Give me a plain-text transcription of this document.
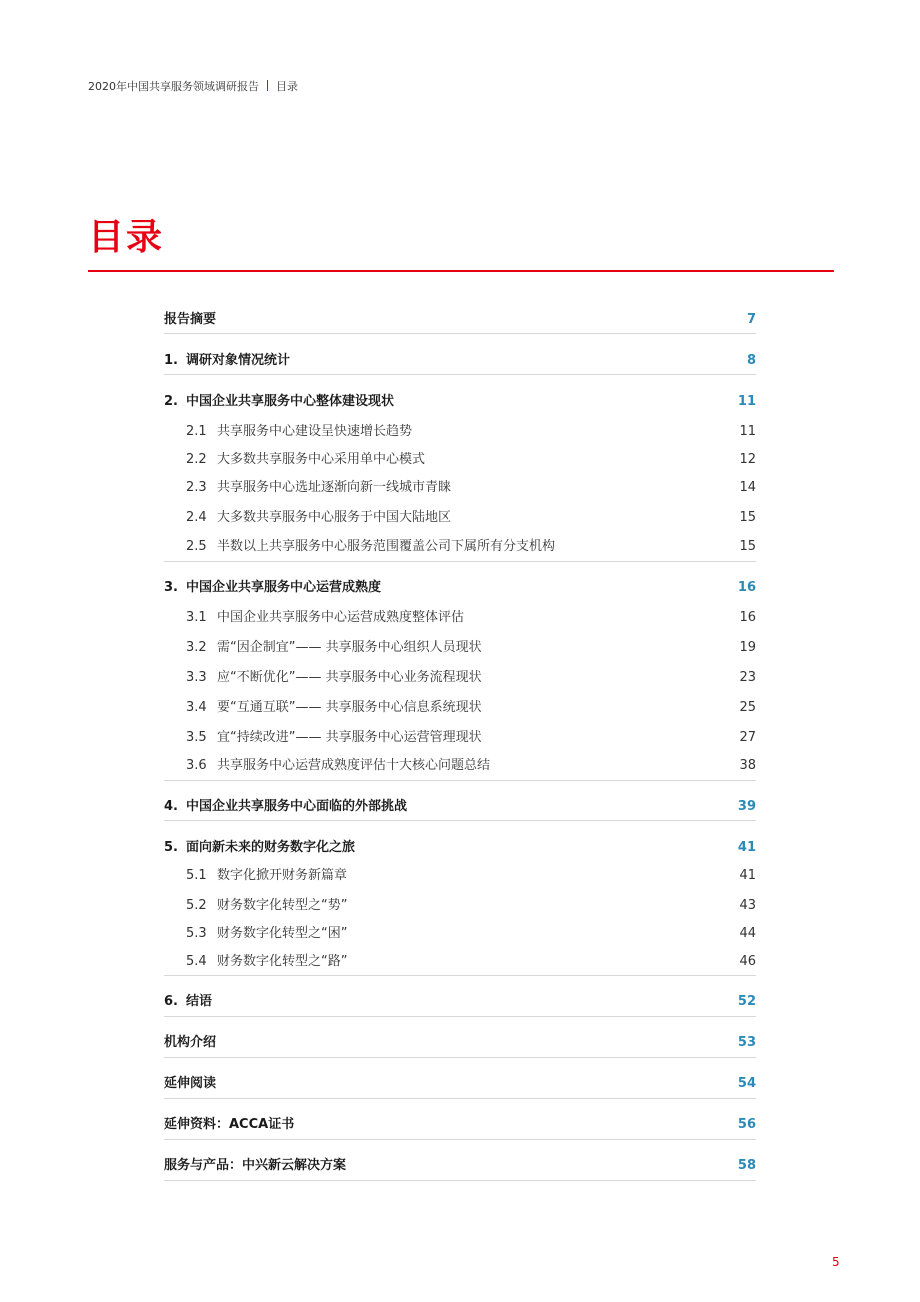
2020年中国共享服务领域调研报告 目录
目录
报告摘要	7
1. 调研对象情况统计	8
2. 中国企业共享服务中心整体建设现状	11
2.1 共享服务中心建设呈快速增长趋势	11
2.2 大多数共享服务中心采用单中心模式	12
2.3 共享服务中心选址逐渐向新一线城市青睐	14
2.4 大多数共享服务中心服务于中国大陆地区	15
2.5 半数以上共享服务中心服务范围覆盖公司下属所有分支机构	15
3. 中国企业共享服务中心运营成熟度	16
3.1 中国企业共享服务中心运营成熟度整体评估	16
3.2 需“因企制宜”—— 共享服务中心组织人员现状	19
3.3 应“不断优化”—— 共享服务中心业务流程现状	23
3.4 要“互通互联”—— 共享服务中心信息系统现状	25
3.5 宜“持续改进”—— 共享服务中心运营管理现状	27
3.6 共享服务中心运营成熟度评估十大核心问题总结	38
4. 中国企业共享服务中心面临的外部挑战	39
5. 面向新未来的财务数字化之旅	41
5.1 数字化掀开财务新篇章	41
5.2 财务数字化转型之“势”	43
5.3 财务数字化转型之“困”	44
5.4 财务数字化转型之“路”	46
6. 结语	52
机构介绍	53
延伸阅读	54
延伸资料：ACCA证书	56
服务与产品：中兴新云解决方案	58
5
